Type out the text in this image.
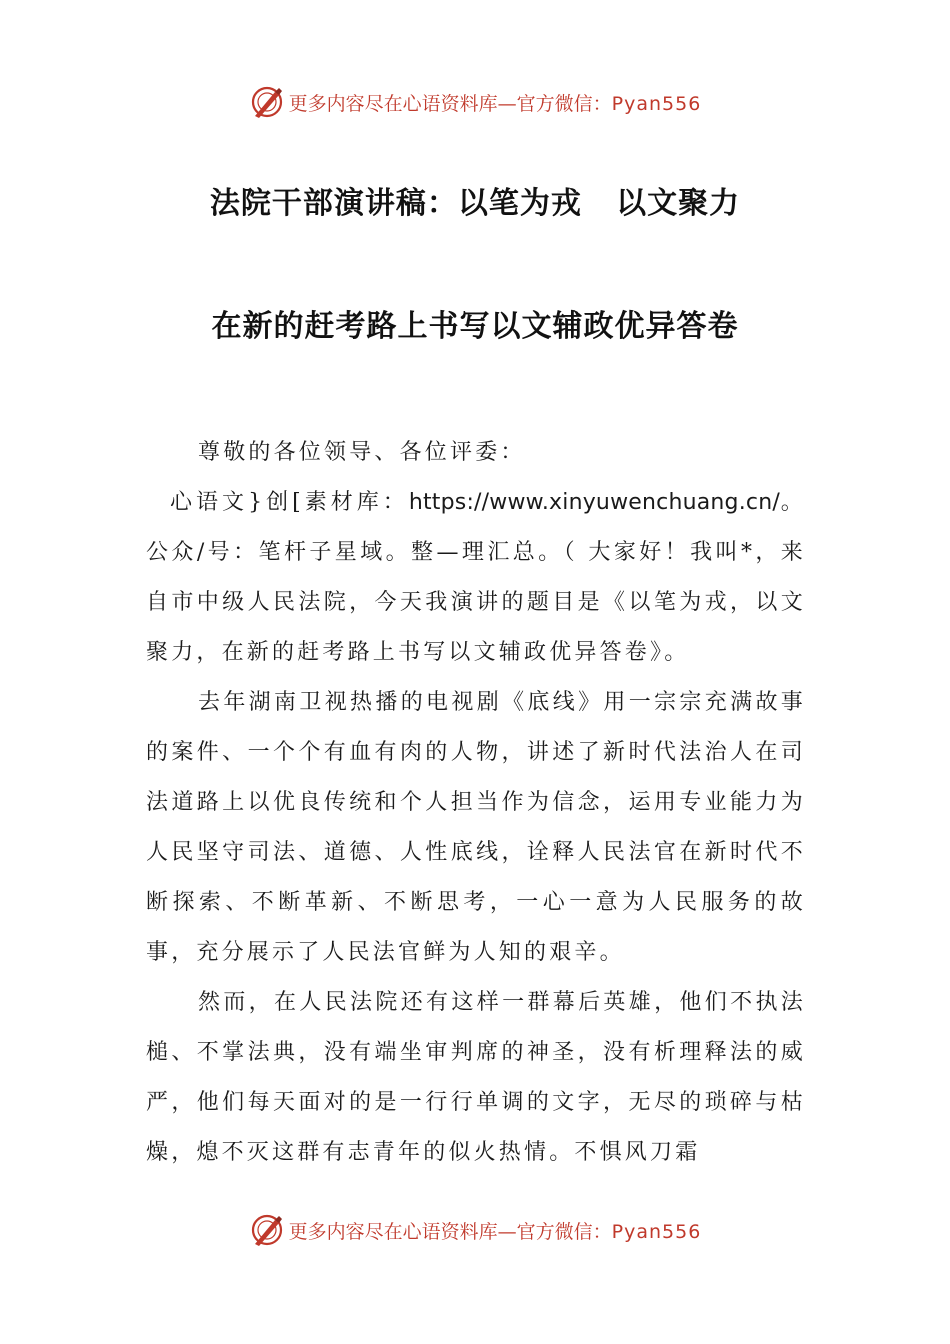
更多内容尽在心语资料库—官方微信：Pyan556
法院干部演讲稿：以笔为戎   以文聚力
在新的赶考路上书写以文辅政优异答卷

尊敬的各位领导、各位评委：

心语文}创[素材库：https://www.xinyuwenchuang.cn/。公众/号：笔杆子星域。整—理汇总。（ 大家好！我叫*，来自市中级人民法院，今天我演讲的题目是《以笔为戎，以文聚力，在新的赶考路上书写以文辅政优异答卷》。

去年湖南卫视热播的电视剧《底线》用一宗宗充满故事的案件、一个个有血有肉的人物，讲述了新时代法治人在司法道路上以优良传统和个人担当作为信念，运用专业能力为人民坚守司法、道德、人性底线，诠释人民法官在新时代不断探索、不断革新、不断思考，一心一意为人民服务的故事，充分展示了人民法官鲜为人知的艰辛。

然而，在人民法院还有这样一群幕后英雄，他们不执法槌、不掌法典，没有端坐审判席的神圣，没有析理释法的威严，他们每天面对的是一行行单调的文字，无尽的琐碎与枯燥，熄不灭这群有志青年的似火热情。不惧风刀霜

更多内容尽在心语资料库—官方微信：Pyan556
